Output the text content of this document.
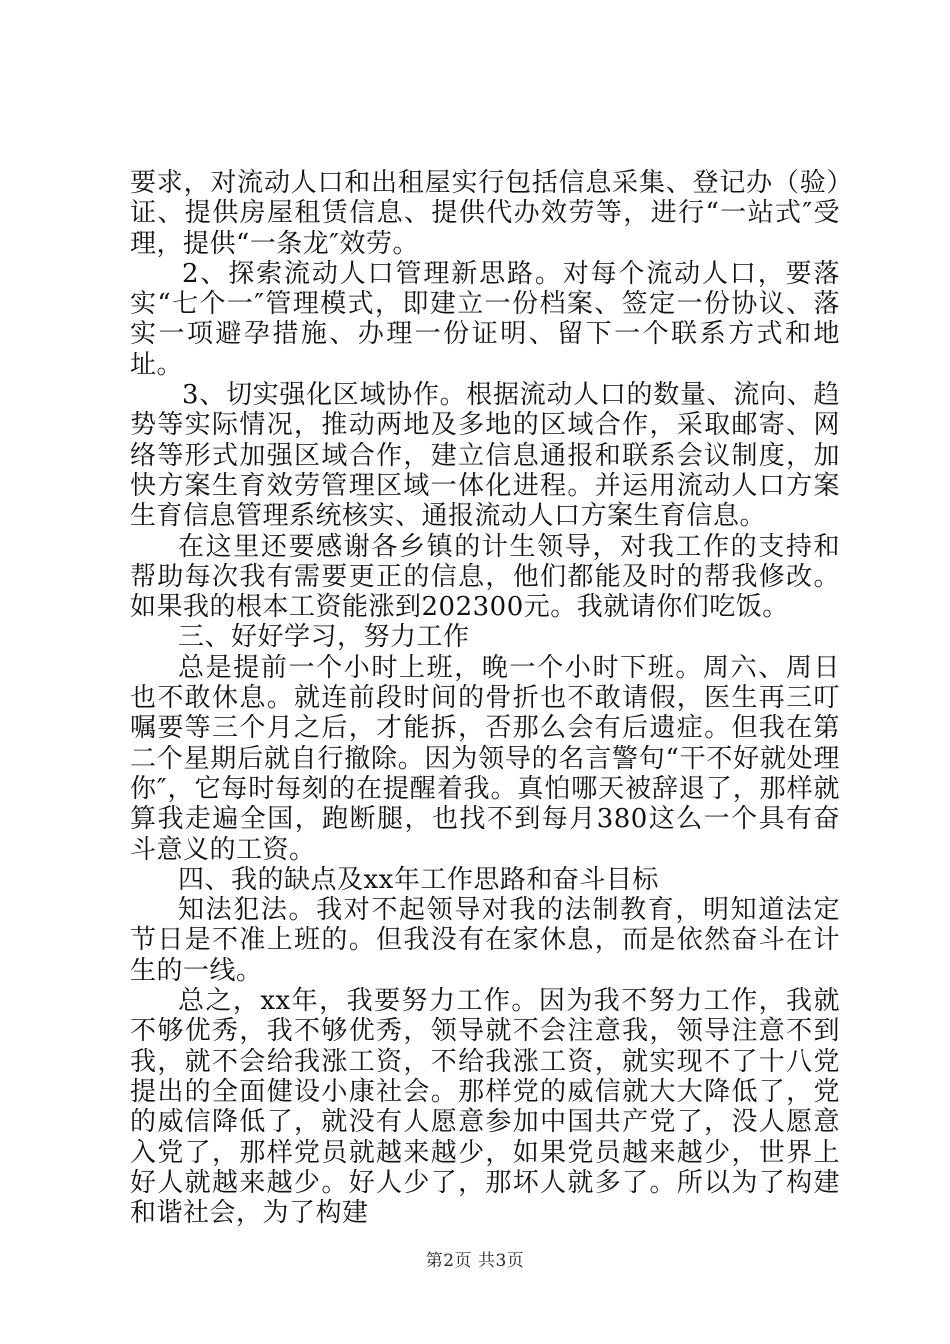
要求，对流动人口和出租屋实行包括信息采集、登记办（验）证、提供房屋租赁信息、提供代办效劳等，进行“一站式″受理，提供“一条龙″效劳。

2、探索流动人口管理新思路。对每个流动人口，要落实“七个一″管理模式，即建立一份档案、签定一份协议、落实一项避孕措施、办理一份证明、留下一个联系方式和地址。

3、切实强化区域协作。根据流动人口的数量、流向、趋势等实际情况，推动两地及多地的区域合作，采取邮寄、网络等形式加强区域合作，建立信息通报和联系会议制度，加快方案生育效劳管理区域一体化进程。并运用流动人口方案生育信息管理系统核实、通报流动人口方案生育信息。

在这里还要感谢各乡镇的计生领导，对我工作的支持和帮助每次我有需要更正的信息，他们都能及时的帮我修改。如果我的根本工资能涨到202300元。我就请你们吃饭。

三、好好学习，努力工作

总是提前一个小时上班，晚一个小时下班。周六、周日也不敢休息。就连前段时间的骨折也不敢请假，医生再三叮嘱要等三个月之后，才能拆，否那么会有后遗症。但我在第二个星期后就自行撤除。因为领导的名言警句“干不好就处理你″，它每时每刻的在提醒着我。真怕哪天被辞退了，那样就算我走遍全国，跑断腿，也找不到每月380这么一个具有奋斗意义的工资。

四、我的缺点及xx年工作思路和奋斗目标

知法犯法。我对不起领导对我的法制教育，明知道法定节日是不准上班的。但我没有在家休息，而是依然奋斗在计生的一线。

总之，xx年，我要努力工作。因为我不努力工作，我就不够优秀，我不够优秀，领导就不会注意我，领导注意不到我，就不会给我涨工资，不给我涨工资，就实现不了十八党提出的全面健设小康社会。那样党的威信就大大降低了，党的威信降低了，就没有人愿意参加中国共产党了，没人愿意入党了，那样党员就越来越少，如果党员越来越少，世界上好人就越来越少。好人少了，那坏人就多了。所以为了构建和谐社会，为了构建

第2页 共3页
